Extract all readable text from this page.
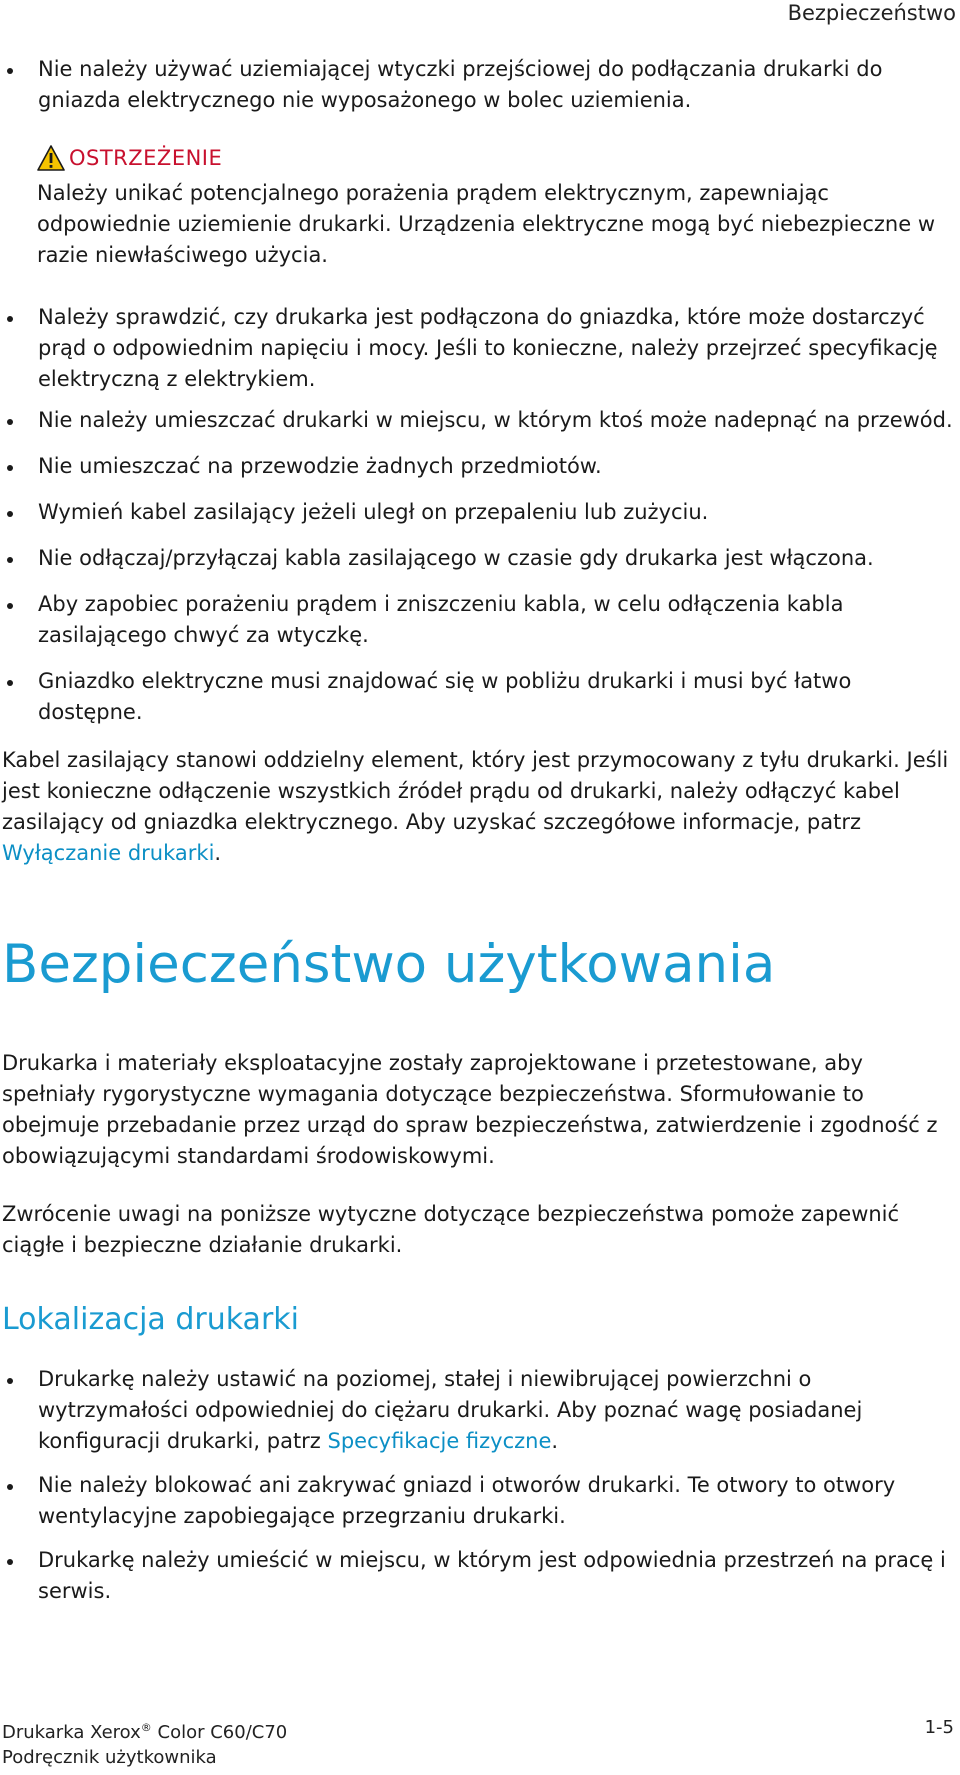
Bezpieczeństwo
Nie należy używać uziemiającej wtyczki przejściowej do podłączania drukarki do gniazda elektrycznego nie wyposażonego w bolec uziemienia.
OSTRZEŻENIE
Należy unikać potencjalnego porażenia prądem elektrycznym, zapewniając odpowiednie uziemienie drukarki. Urządzenia elektryczne mogą być niebezpieczne w razie niewłaściwego użycia.
Należy sprawdzić, czy drukarka jest podłączona do gniazdka, które może dostarczyć prąd o odpowiednim napięciu i mocy. Jeśli to konieczne, należy przejrzeć specyfikację elektryczną z elektrykiem.
Nie należy umieszczać drukarki w miejscu, w którym ktoś może nadepnąć na przewód.
Nie umieszczać na przewodzie żadnych przedmiotów.
Wymień kabel zasilający jeżeli uległ on przepaleniu lub zużyciu.
Nie odłączaj/przyłączaj kabla zasilającego w czasie gdy drukarka jest włączona.
Aby zapobiec porażeniu prądem i zniszczeniu kabla, w celu odłączenia kabla zasilającego chwyć za wtyczkę.
Gniazdko elektryczne musi znajdować się w pobliżu drukarki i musi być łatwo dostępne.

Kabel zasilający stanowi oddzielny element, który jest przymocowany z tyłu drukarki. Jeśli jest konieczne odłączenie wszystkich źródeł prądu od drukarki, należy odłączyć kabel zasilający od gniazdka elektrycznego. Aby uzyskać szczegółowe informacje, patrz Wyłączanie drukarki.

Bezpieczeństwo użytkowania

Drukarka i materiały eksploatacyjne zostały zaprojektowane i przetestowane, aby spełniały rygorystyczne wymagania dotyczące bezpieczeństwa. Sformułowanie to obejmuje przebadanie przez urząd do spraw bezpieczeństwa, zatwierdzenie i zgodność z obowiązującymi standardami środowiskowymi.

Zwrócenie uwagi na poniższe wytyczne dotyczące bezpieczeństwa pomoże zapewnić ciągłe i bezpieczne działanie drukarki.

Lokalizacja drukarki
Drukarkę należy ustawić na poziomej, stałej i niewibrującej powierzchni o wytrzymałości odpowiedniej do ciężaru drukarki. Aby poznać wagę posiadanej konfiguracji drukarki, patrz Specyfikacje fizyczne.
Nie należy blokować ani zakrywać gniazd i otworów drukarki. Te otwory to otwory wentylacyjne zapobiegające przegrzaniu drukarki.
Drukarkę należy umieścić w miejscu, w którym jest odpowiednia przestrzeń na pracę i serwis.
Drukarka Xerox® Color C60/C70
Podręcznik użytkownika
1-5
